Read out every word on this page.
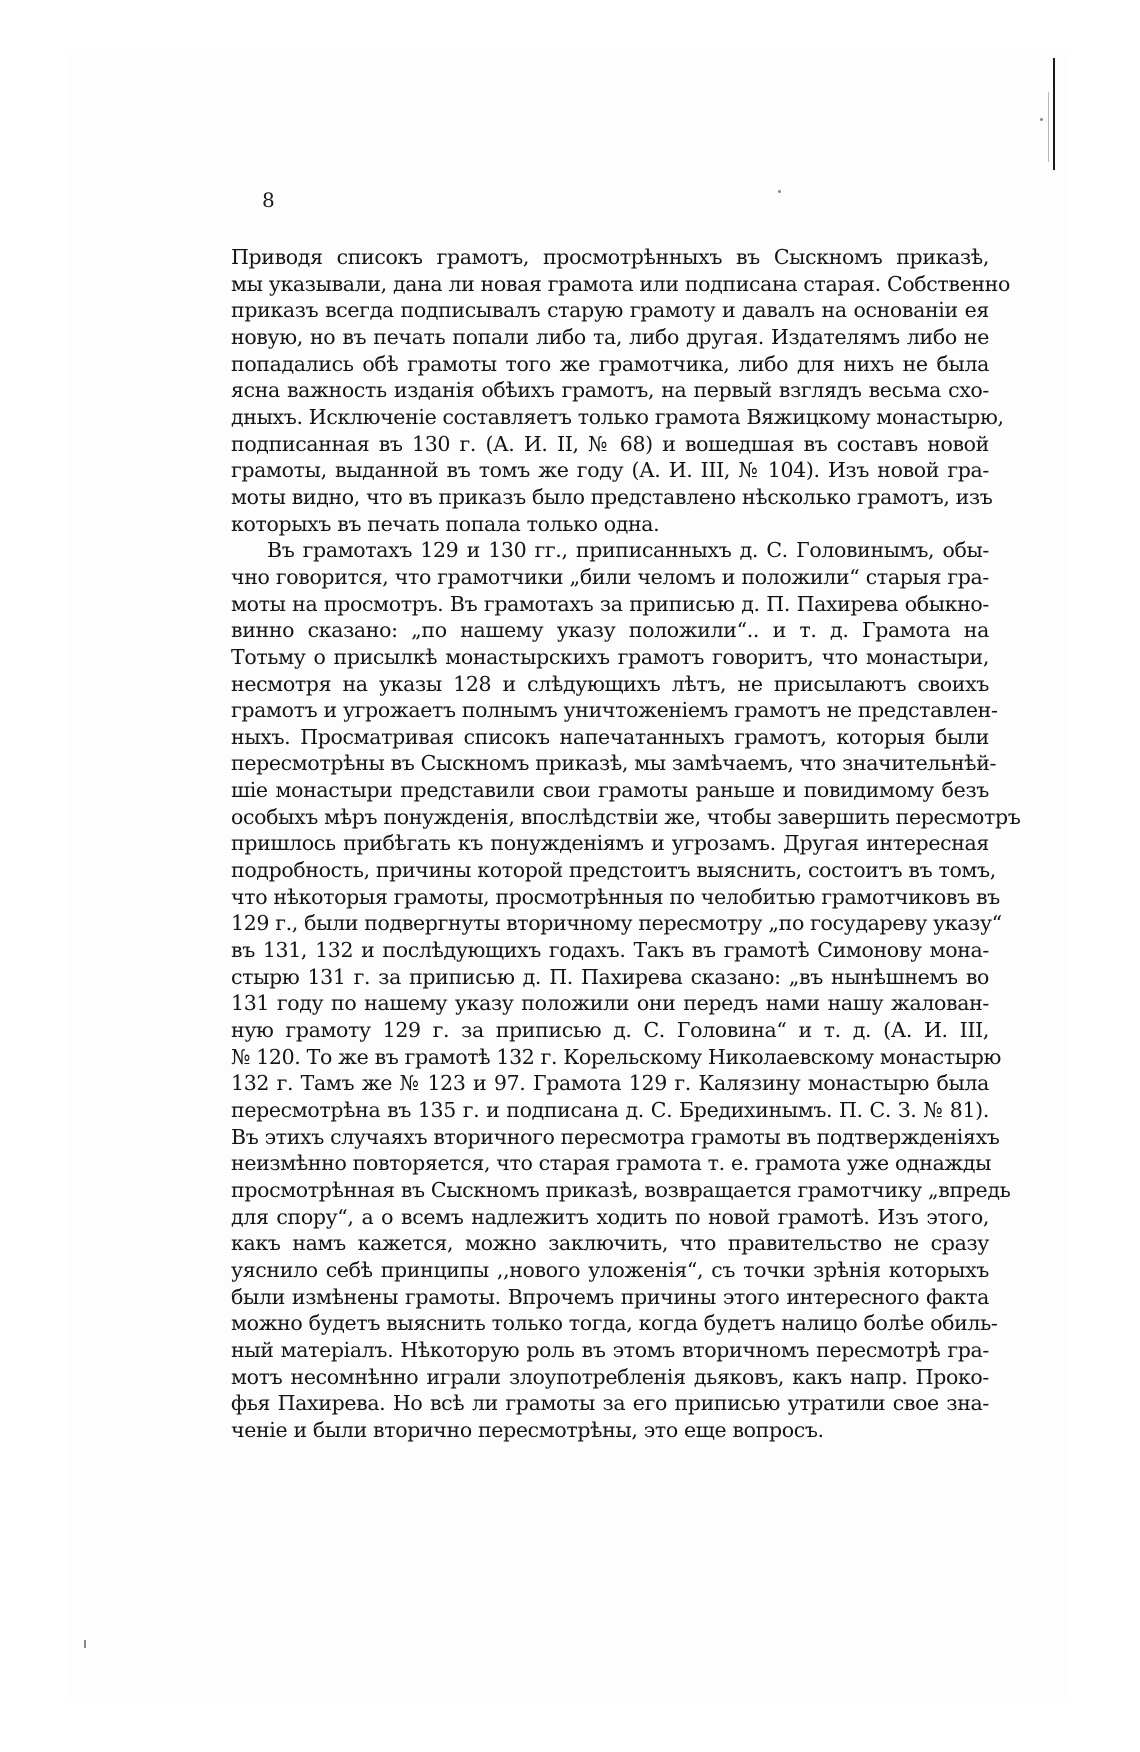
8
Приводя списокъ грамотъ, просмотрѣнныхъ въ Сыскномъ приказѣ,
мы указывали, дана ли новая грамота или подписана старая. Собственно
приказъ всегда подписывалъ старую грамоту и давалъ на основаніи ея
новую, но въ печать попали либо та, либо другая. Издателямъ либо не
попадались обѣ грамоты того же грамотчика, либо для нихъ не была
ясна важность изданія обѣихъ грамотъ, на первый взглядъ весьма схо-
дныхъ. Исключеніе составляетъ только грамота Вяжицкому монастырю,
подписанная въ 130 г. (А. И. II, № 68) и вошедшая въ составъ новой
грамоты, выданной въ томъ же году (А. И. III, № 104). Изъ новой гра-
моты видно, что въ приказъ было представлено нѣсколько грамотъ, изъ
которыхъ въ печать попала только одна.
Въ грамотахъ 129 и 130 гг., приписанныхъ д. С. Головинымъ, обы-
чно говорится, что грамотчики „били челомъ и положили“ старыя гра-
моты на просмотръ. Въ грамотахъ за приписью д. П. Пахирева обыкно-
винно сказано: „по нашему указу положили“.. и т. д. Грамота на
Тотьму о присылкѣ монастырскихъ грамотъ говоритъ, что монастыри,
несмотря на указы 128 и слѣдующихъ лѣтъ, не присылаютъ своихъ
грамотъ и угрожаетъ полнымъ уничтоженіемъ грамотъ не представлен-
ныхъ. Просматривая списокъ напечатанныхъ грамотъ, которыя были
пересмотрѣны въ Сыскномъ приказѣ, мы замѣчаемъ, что значительнѣй-
шіе монастыри представили свои грамоты раньше и повидимому безъ
особыхъ мѣръ понужденія, впослѣдствіи же, чтобы завершить пересмотръ
пришлось прибѣгать къ понужденіямъ и угрозамъ. Другая интересная
подробность, причины которой предстоитъ выяснить, состоитъ въ томъ,
что нѣкоторыя грамоты, просмотрѣнныя по челобитью грамотчиковъ въ
129 г., были подвергнуты вторичному пересмотру „по государеву указу“
въ 131, 132 и послѣдующихъ годахъ. Такъ въ грамотѣ Симонову мона-
стырю 131 г. за приписью д. П. Пахирева сказано: „въ нынѣшнемъ во
131 году по нашему указу положили они передъ нами нашу жалован-
ную грамоту 129 г. за приписью д. С. Головина“ и т. д. (А. И. III,
№ 120. То же въ грамотѣ 132 г. Корельскому Николаевскому монастырю
132 г. Тамъ же № 123 и 97. Грамота 129 г. Калязину монастырю была
пересмотрѣна въ 135 г. и подписана д. С. Бредихинымъ. П. С. З. № 81).
Въ этихъ случаяхъ вторичного пересмотра грамоты въ подтвержденіяхъ
неизмѣнно повторяется, что старая грамота т. е. грамота уже однажды
просмотрѣнная въ Сыскномъ приказѣ, возвращается грамотчику „впредь
для спору“, а о всемъ надлежитъ ходить по новой грамотѣ. Изъ этого,
какъ намъ кажется, можно заключить, что правительство не сразу
уяснило себѣ принципы ,,нового уложенія“, съ точки зрѣнія которыхъ
были измѣнены грамоты. Впрочемъ причины этого интересного факта
можно будетъ выяснить только тогда, когда будетъ налицо болѣе обиль-
ный матеріалъ. Нѣкоторую роль въ этомъ вторичномъ пересмотрѣ гра-
мотъ несомнѣнно играли злоупотребленія дьяковъ, какъ напр. Проко-
фья Пахирева. Но всѣ ли грамоты за его приписью утратили свое зна-
ченіе и были вторично пересмотрѣны, это еще вопросъ.
